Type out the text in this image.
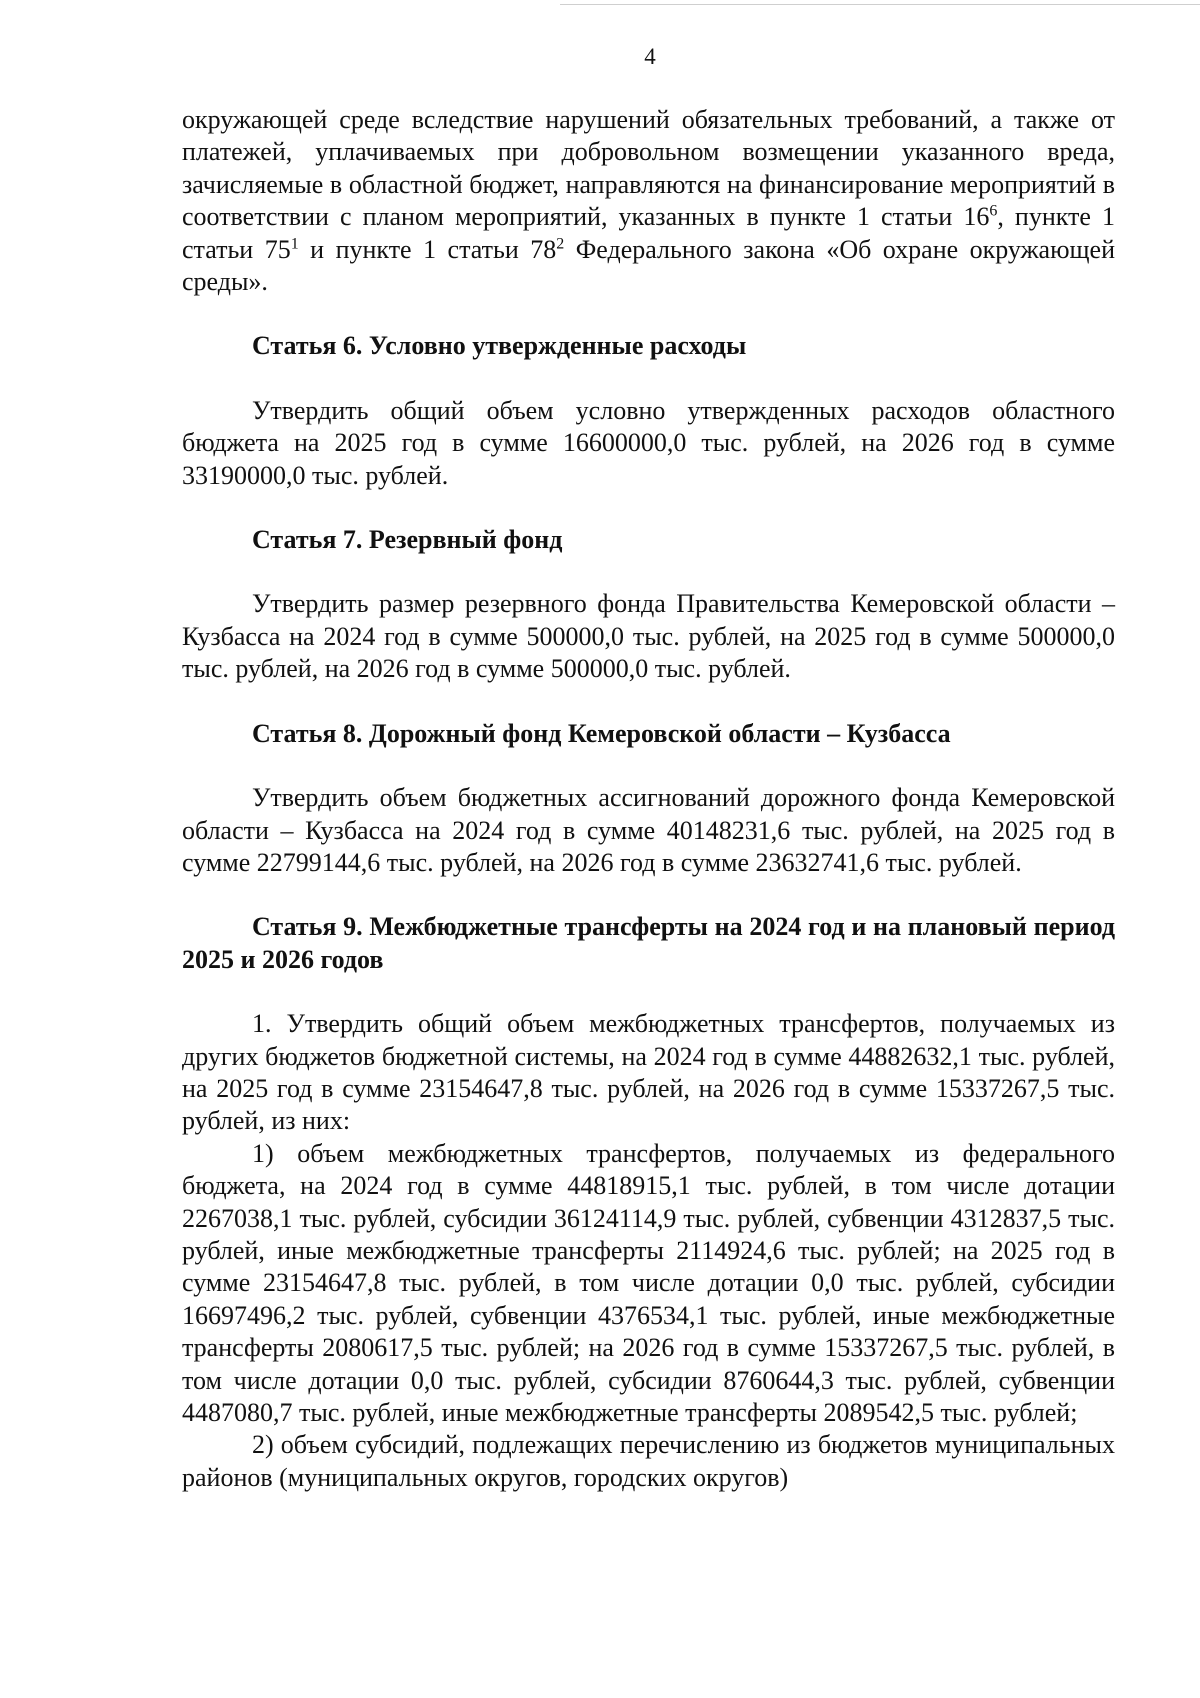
4

окружающей среде вследствие нарушений обязательных требований, а также от платежей, уплачиваемых при добровольном возмещении указанного вреда, зачисляемые в областной бюджет, направляются на финансирование мероприятий в соответствии с планом мероприятий, указанных в пункте 1 статьи $16^6$, пункте 1 статьи $75^1$ и пункте 1 статьи $78^2$ Федерального закона «Об охране окружающей среды».

Статья 6. Условно утвержденные расходы

Утвердить общий объем условно утвержденных расходов областного бюджета на 2025 год в сумме 16600000,0 тыс. рублей, на 2026 год в сумме 33190000,0 тыс. рублей.

Статья 7. Резервный фонд

Утвердить размер резервного фонда Правительства Кемеровской области – Кузбасса на 2024 год в сумме 500000,0 тыс. рублей, на 2025 год в сумме 500000,0 тыс. рублей, на 2026 год в сумме 500000,0 тыс. рублей.

Статья 8. Дорожный фонд Кемеровской области – Кузбасса

Утвердить объем бюджетных ассигнований дорожного фонда Кемеровской области – Кузбасса на 2024 год в сумме 40148231,6 тыс. рублей, на 2025 год в сумме 22799144,6 тыс. рублей, на 2026 год в сумме 23632741,6 тыс. рублей.

Статья 9. Межбюджетные трансферты на 2024 год и на плановый период 2025 и 2026 годов

1. Утвердить общий объем межбюджетных трансфертов, получаемых из других бюджетов бюджетной системы, на 2024 год в сумме 44882632,1 тыс. рублей, на 2025 год в сумме 23154647,8 тыс. рублей, на 2026 год в сумме 15337267,5 тыс. рублей, из них:

1) объем межбюджетных трансфертов, получаемых из федерального бюджета, на 2024 год в сумме 44818915,1 тыс. рублей, в том числе дотации 2267038,1 тыс. рублей, субсидии 36124114,9 тыс. рублей, субвенции 4312837,5 тыс. рублей, иные межбюджетные трансферты 2114924,6 тыс. рублей; на 2025 год в сумме 23154647,8 тыс. рублей, в том числе дотации 0,0 тыс. рублей, субсидии 16697496,2 тыс. рублей, субвенции 4376534,1 тыс. рублей, иные межбюджетные трансферты 2080617,5 тыс. рублей; на 2026 год в сумме 15337267,5 тыс. рублей, в том числе дотации 0,0 тыс. рублей, субсидии 8760644,3 тыс. рублей, субвенции 4487080,7 тыс. рублей, иные межбюджетные трансферты 2089542,5 тыс. рублей;

2) объем субсидий, подлежащих перечислению из бюджетов муниципальных районов (муниципальных округов, городских округов)
